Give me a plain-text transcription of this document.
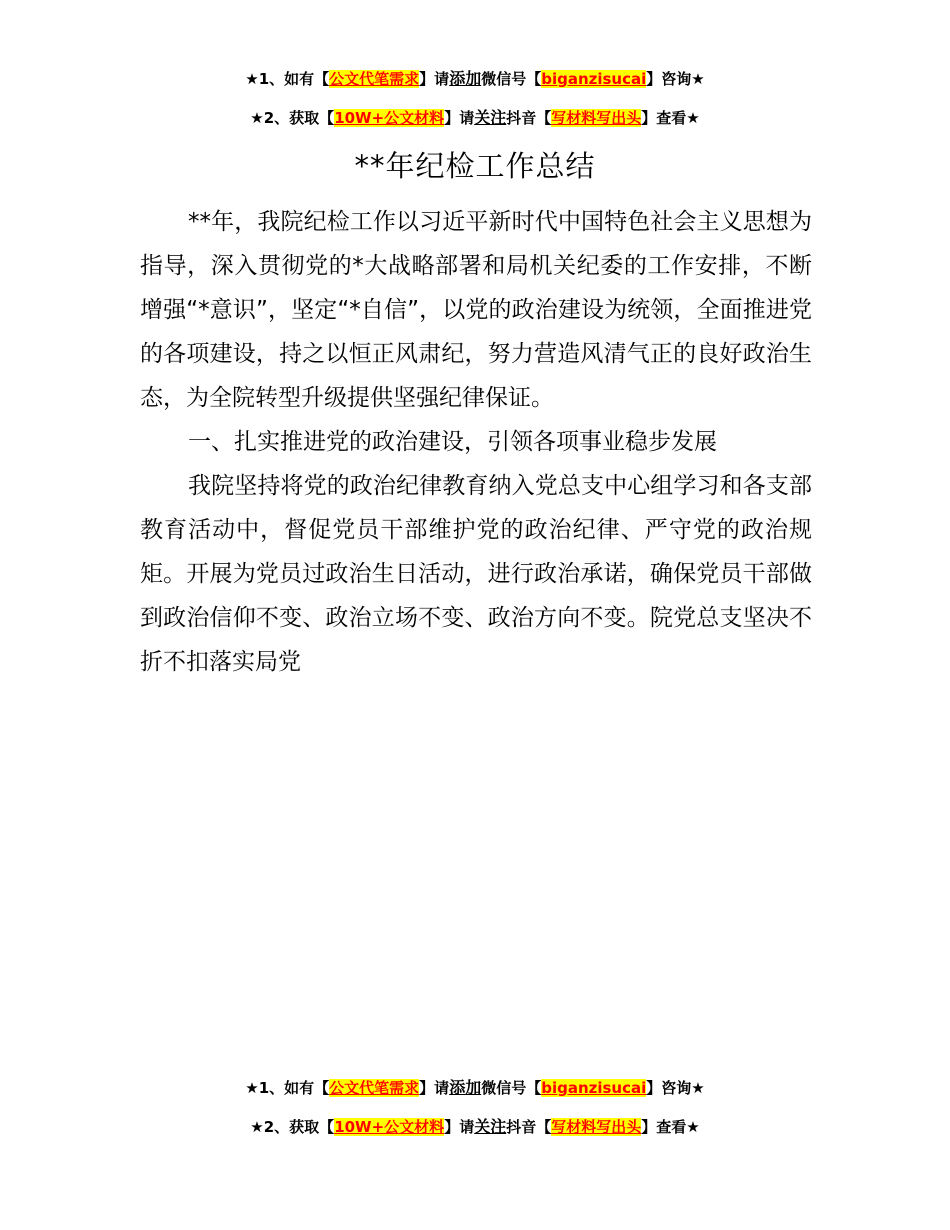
★1、如有【公文代笔需求】请添加微信号【biganzisucai】咨询★
★2、获取【10W+公文材料】请关注抖音【写材料写出头】查看★
**年纪检工作总结

**年，我院纪检工作以习近平新时代中国特色社会主义思想为指导，深入贯彻党的*大战略部署和局机关纪委的工作安排，不断增强“*意识”，坚定“*自信”，以党的政治建设为统领，全面推进党的各项建设，持之以恒正风肃纪，努力营造风清气正的良好政治生态，为全院转型升级提供坚强纪律保证。

一、扎实推进党的政治建设，引领各项事业稳步发展

我院坚持将党的政治纪律教育纳入党总支中心组学习和各支部教育活动中，督促党员干部维护党的政治纪律、严守党的政治规矩。开展为党员过政治生日活动，进行政治承诺，确保党员干部做到政治信仰不变、政治立场不变、政治方向不变。院党总支坚决不折不扣落实局党

★1、如有【公文代笔需求】请添加微信号【biganzisucai】咨询★
★2、获取【10W+公文材料】请关注抖音【写材料写出头】查看★
